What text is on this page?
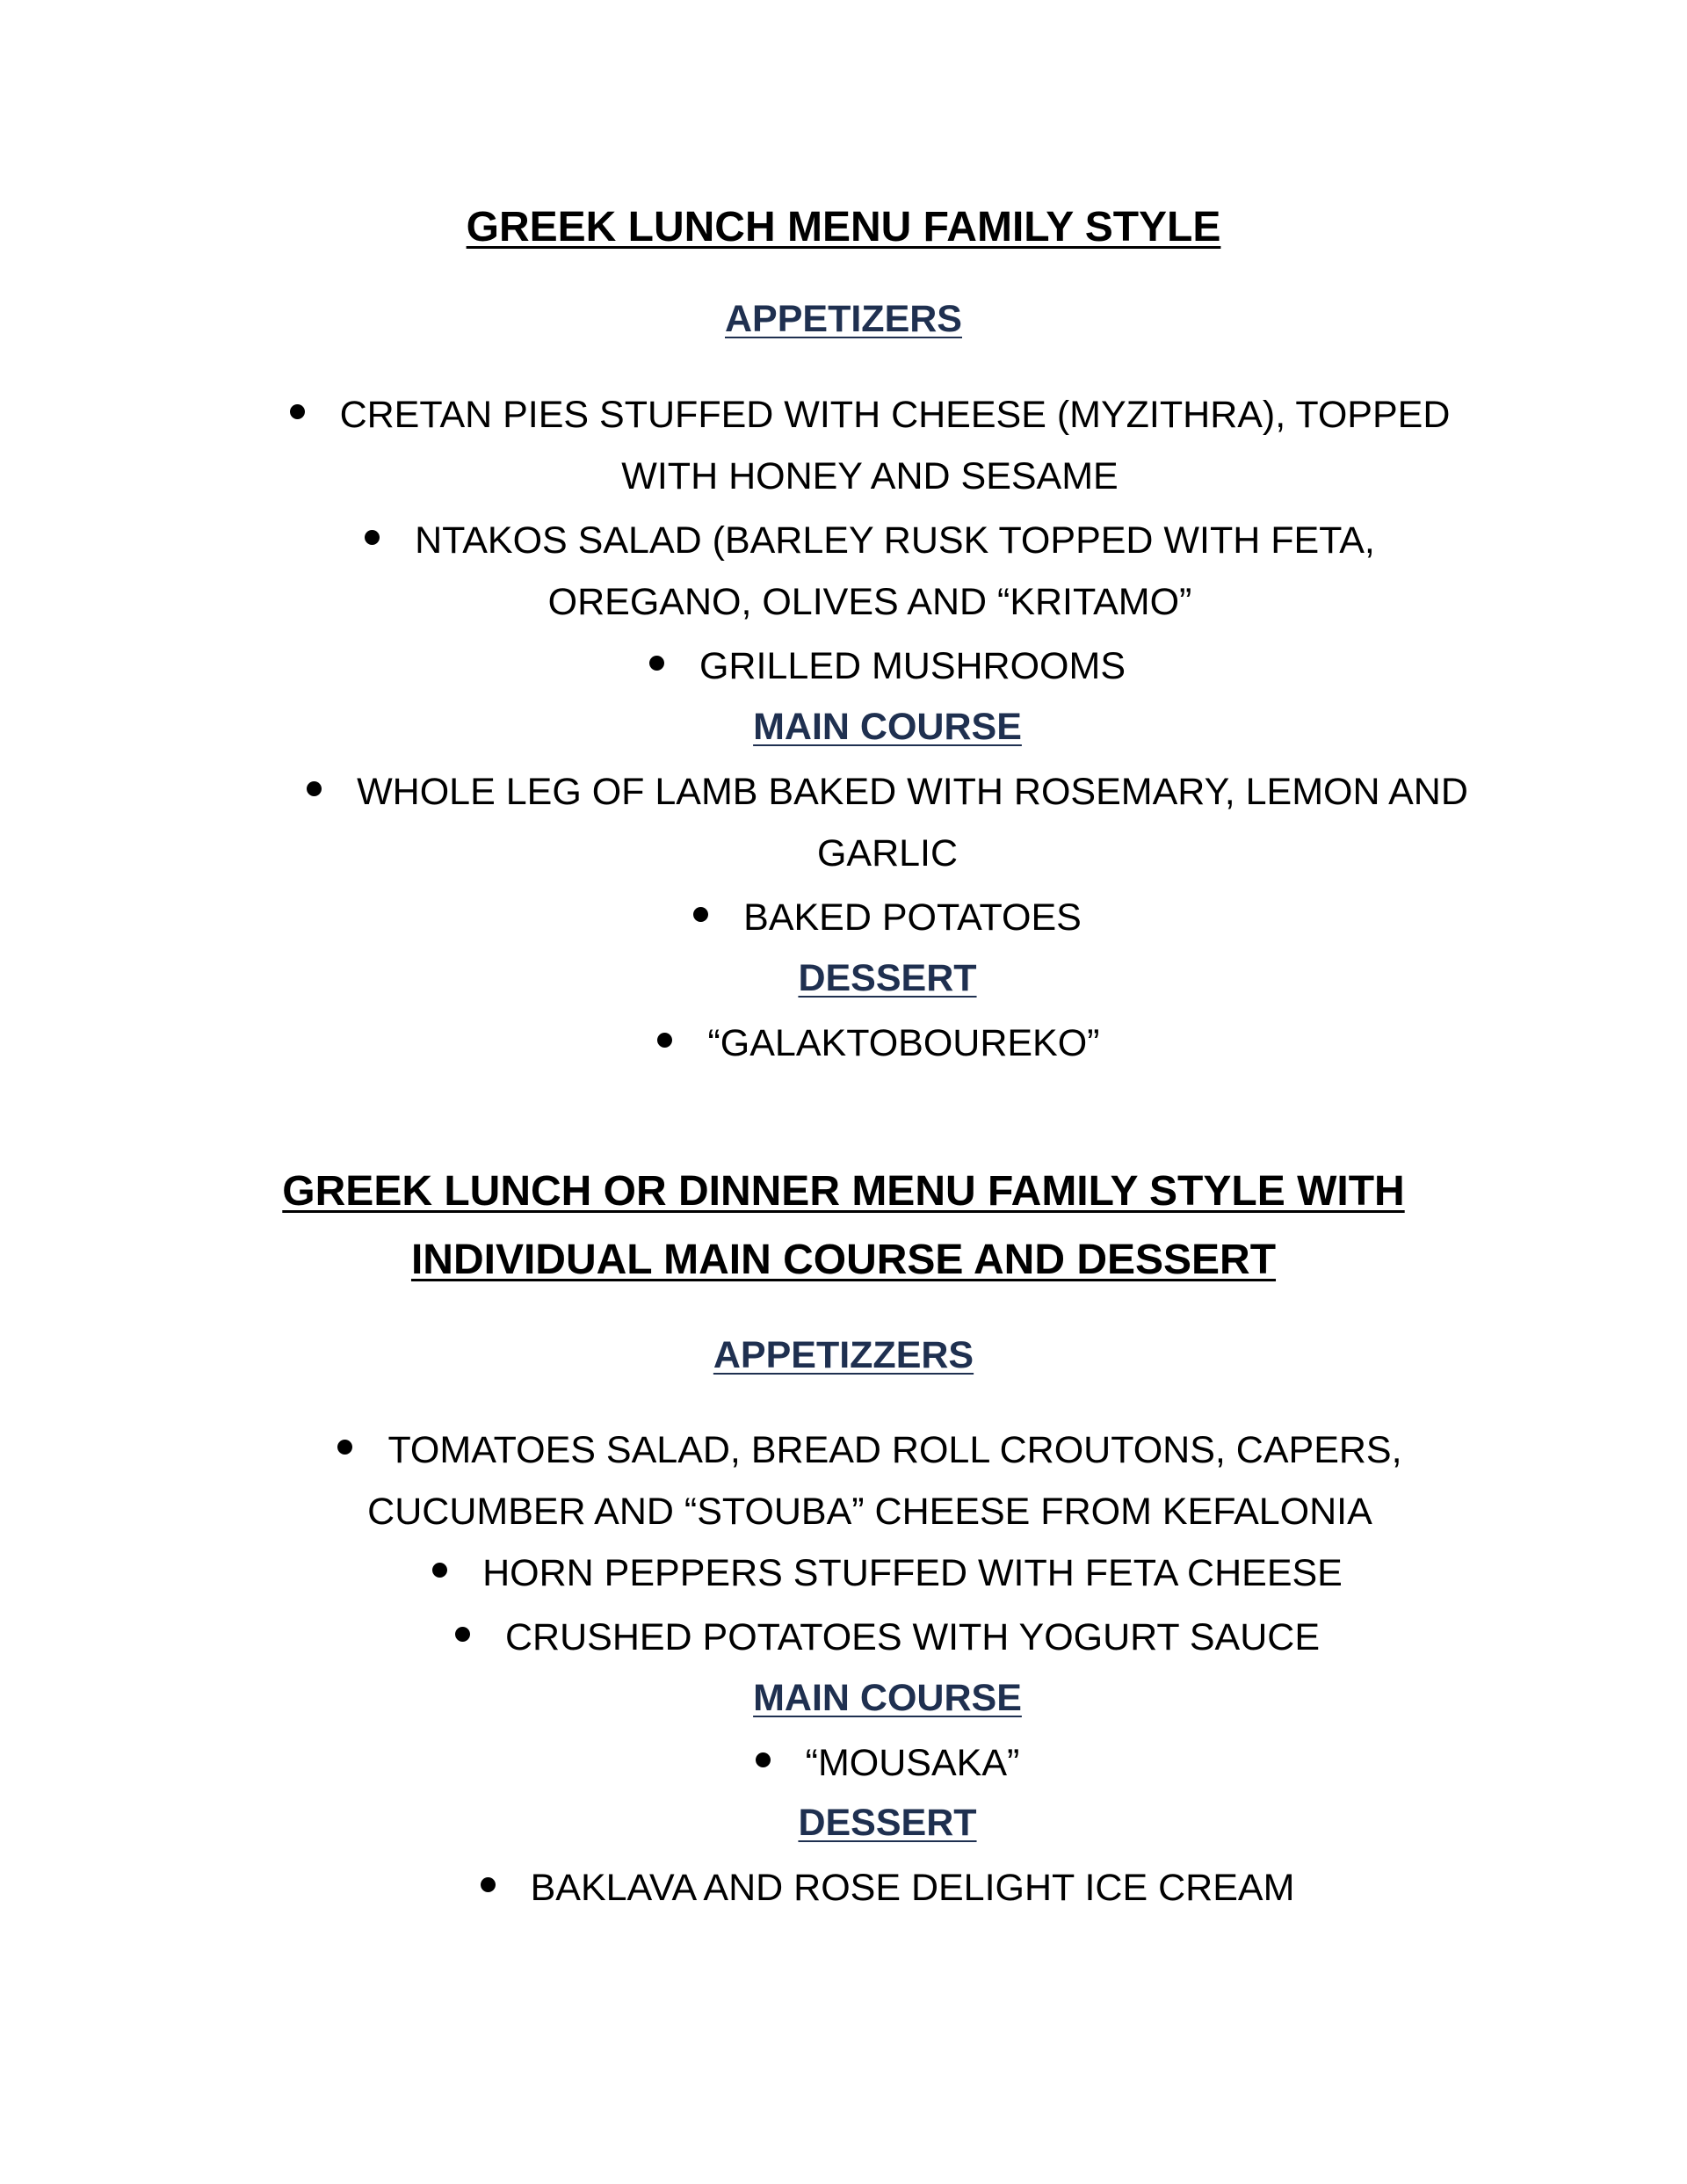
GREEK LUNCH MENU FAMILY STYLE
APPETIZERS

CRETAN PIES STUFFED WITH CHEESE (MYZITHRA), TOPPED WITH HONEY AND SESAME

NTAKOS SALAD (BARLEY RUSK TOPPED WITH FETA, OREGANO, OLIVES AND “KRITAMO”

GRILLED MUSHROOMS

MAIN COURSE

WHOLE LEG OF LAMB BAKED WITH ROSEMARY, LEMON AND GARLIC

BAKED POTATOES

DESSERT

“GALAKTOBOUREKO”

GREEK LUNCH OR DINNER MENU FAMILY STYLE WITH INDIVIDUAL MAIN COURSE AND DESSERT
APPETIZZERS

TOMATOES SALAD, BREAD ROLL CROUTONS, CAPERS, CUCUMBER AND “STOUBA” CHEESE FROM KEFALONIA

HORN PEPPERS STUFFED WITH FETA CHEESE

CRUSHED POTATOES WITH YOGURT SAUCE

MAIN COURSE

“MOUSAKA”

DESSERT

BAKLAVA AND ROSE DELIGHT ICE CREAM
